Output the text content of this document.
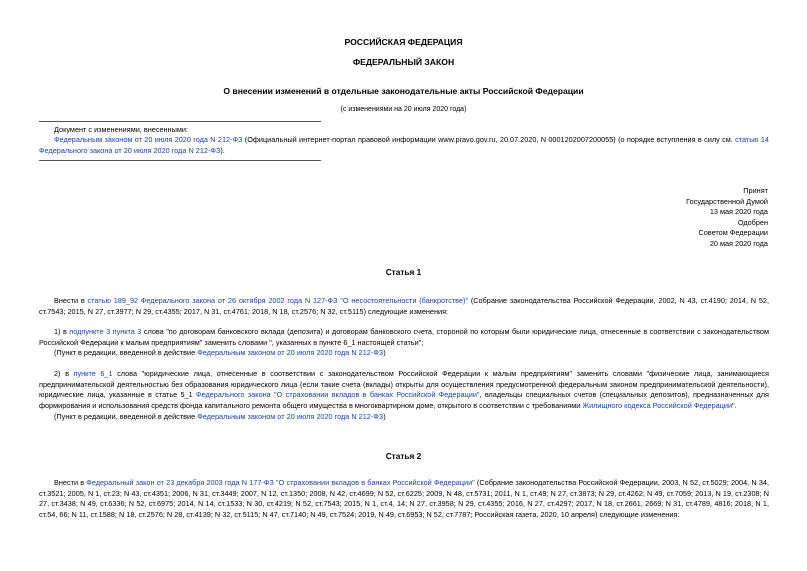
РОССИЙСКАЯ ФЕДЕРАЦИЯ
ФЕДЕРАЛЬНЫЙ ЗАКОН
О внесении изменений в отдельные законодательные акты Российской Федерации
(с изменениями на 20 июля 2020 года)
Документ с изменениями, внесенными:
Федеральным законом от 20 июля 2020 года N 212-ФЗ (Официальный интернет-портал правовой информации www.pravo.gov.ru, 20.07.2020, N 0001202007200055) (о порядке вступления в силу см. статью 14 Федерального закона от 20 июля 2020 года N 212-ФЗ).
Принят
Государственной Думой
13 мая 2020 года
Одобрен
Советом Федерации
20 мая 2020 года
Статья 1
Внести в статью 189_92 Федерального закона от 26 октября 2002 года N 127-ФЗ "О несостоятельности (банкротстве)" (Собрание законодательства Российской Федерации, 2002, N 43, ст.4190; 2014, N 52, ст.7543; 2015, N 27, ст.3977; N 29, ст.4355; 2017, N 31, ст.4761; 2018, N 18, ст.2576; N 32, ст.5115) следующие изменения:
1) в подпункте 3 пункта 3 слова "по договорам банковского вклада (депозита) и договорам банковского счета, стороной по которым были юридические лица, отнесенные в соответствии с законодательством Российской Федерации к малым предприятиям" заменить словами ", указанных в пункте 6_1 настоящей статьи";
(Пункт в редакции, введенной в действие Федеральным законом от 20 июля 2020 года N 212-ФЗ)
2) в пункте 6_1 слова "юридические лица, отнесенные в соответствии с законодательством Российской Федерации к малым предприятиям" заменить словами "физические лица, занимающиеся предпринимательской деятельностью без образования юридического лица (если такие счета (вклады) открыты для осуществления предусмотренной федеральным законом предпринимательской деятельности), юридические лица, указанные в статье 5_1 Федерального закона "О страховании вкладов в банках Российской Федерации", владельцы специальных счетов (специальных депозитов), предназначенных для формирования и использования средств фонда капитального ремонта общего имущества в многоквартирном доме, открытого в соответствии с требованиями Жилищного кодекса Российской Федерации".
(Пункт в редакции, введенной в действие Федеральным законом от 20 июля 2020 года N 212-ФЗ)
Статья 2
Внести в Федеральный закон от 23 декабря 2003 года N 177-ФЗ "О страховании вкладов в банках Российской Федерации" (Собрание законодательства Российской Федерации, 2003, N 52, ст.5029; 2004, N 34, ст.3521; 2005, N 1, ст.23; N 43, ст.4351; 2006, N 31, ст.3449; 2007, N 12, ст.1350; 2008, N 42, ст.4699; N 52, ст.6225; 2009, N 48, ст.5731; 2011, N 1, ст.49; N 27, ст.3873; N 29, ст.4262; N 49, ст.7059; 2013, N 19, ст.2308; N 27, ст.3438; N 49, ст.6336; N 52, ст.6975; 2014, N 14, ст.1533; N 30, ст.4219; N 52, ст.7543; 2015, N 1, ст.4, 14; N 27, ст.3958; N 29, ст.4355; 2016, N 27, ст.4297; 2017, N 18, ст.2661, 2669; N 31, ст.4789, 4816; 2018, N 1, ст.54, 66; N 11, ст.1588; N 18, ст.2576; N 28, ст.4139; N 32, ст.5115; N 47, ст.7140; N 49, ст.7524; 2019, N 49, ст.6953; N 52, ст.7787; Российская газета, 2020, 10 апреля) следующие изменения:
